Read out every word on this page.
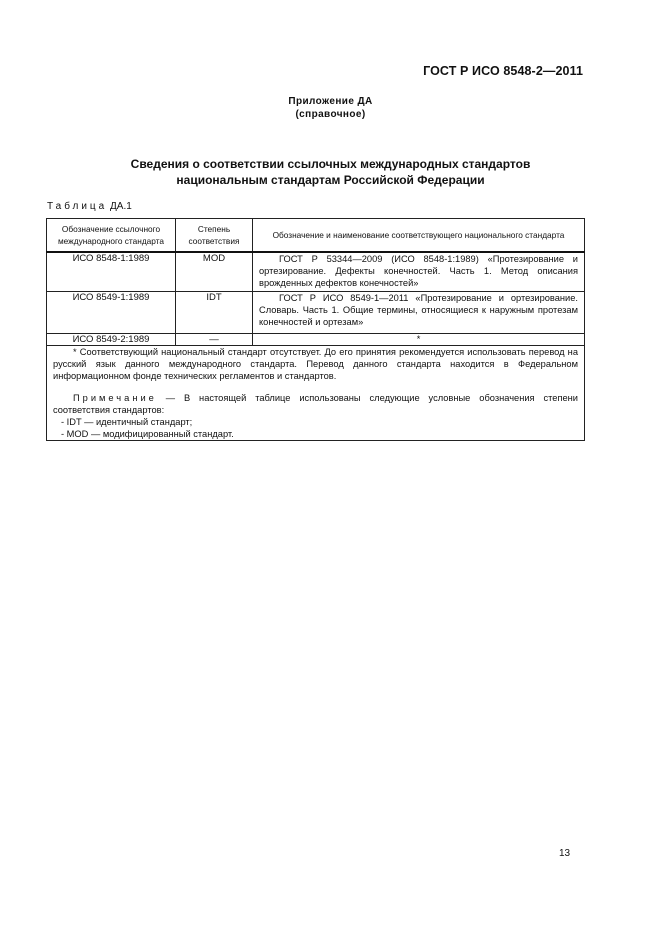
ГОСТ Р ИСО 8548-2—2011
Приложение ДА
(справочное)
Сведения о соответствии ссылочных международных стандартов
национальным стандартам Российской Федерации
Таблица ДА.1
Обозначение ссылочного международного стандарта	Степень соответствия	Обозначение и наименование соответствующего национального стандарта
ИСО 8548-1:1989	MOD	ГОСТ Р 53344—2009 (ИСО 8548-1:1989) «Протезирование и ортезирование. Дефекты конечностей. Часть 1. Метод описания врожденных дефектов конечностей»
ИСО 8549-1:1989	IDT	ГОСТ Р ИСО 8549-1—2011 «Протезирование и ортезирование. Словарь. Часть 1. Общие термины, относящиеся к наружным протезам конечностей и ортезам»
ИСО 8549-2:1989	—	*

* Соответствующий национальный стандарт отсутствует. До его принятия рекомендуется использовать перевод на русский язык данного международного стандарта. Перевод данного стандарта находится в Федеральном информационном фонде технических регламентов и стандартов.

Примечание — В настоящей таблице использованы следующие условные обозначения степени соответствия стандартов:

- IDT — идентичный стандарт;

- MOD — модифицированный стандарт.		

13
